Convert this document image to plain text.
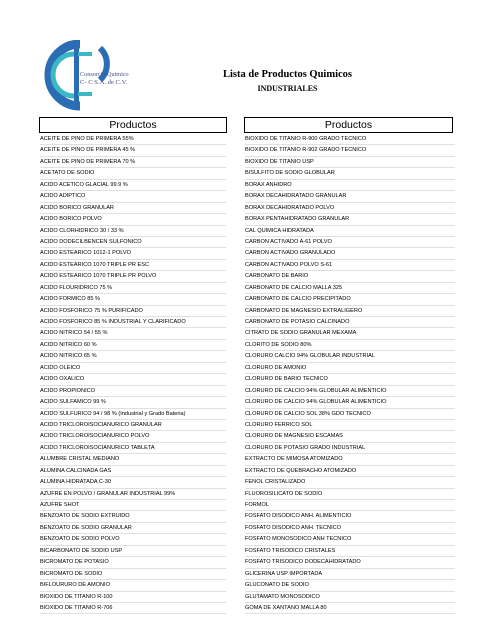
Consorcio Quimico
C- C S.A. de C.V.
Lista de Productos Quimicos
INDUSTRIALES
Productos	Productos
ACEITE DE PINO DE PRIMERA 55%
ACEITE DE PINO DE PRIMERA 45 %
ACEITE DE PINO DE PRIMERA 70 %
ACETATO DE SODIO
ACIDO ACETICO GLACIAL 99.9 %
ACIDO ADIPTICO
ACIDO BORICO GRANULAR
ACIDO BORICO POLVO
ACIDO CLORHIDRICO 30 / 33 %
ACIDO DODECILBENCEN SULFONICO
ACIDO ESTEARICO 1012-1 POLVO
ACIDO ESTEARICO 1070 TRIPLE PR ESC
ACIDO ESTEARICO 1070 TRIPLE PR POLVO
ACIDO FLOURIDRICO 75 %
ACIDO FORMICO 85 %
ACIDO FOSFORICO 75 % PURIFICADO
ACIDO FOSFORICO 85 % INDUSTRIAL Y CLARIFICADO
ACIDO NITRICO 54 / 55 %
ACIDO NITRICO 60 %
ACIDO NITRICO 65 %
ACIDO OLEICO
ACIDO OXALICO
ACIDO PROPIONICO
ACIDO SULFAMICO 99 %
ACIDO SULFURICO 94 / 98 % (Industrial y Grado Bateria)
ACIDO TRICLOROISOCIANURICO GRANULAR
ACIDO TRICLOROISOCIANURICO POLVO
ACIDO TRICLOROISOCIANURICO TABLETA
ALUMBRE CRISTAL MEDIANO
ALUMINA CALCINADA GAS
ALUMINA HIDRATADA C-30
AZUFRE EN POLVO / GRANULAR INDUSTRIAL 99%
AZUFRE SHOT
BENZOATO DE SODIO EXTRUIDO
BENZOATO DE SODIO GRANULAR
BENZOATO DE SODIO POLVO
BICARBONATO DE SODIO USP
BICROMATO DE POTASIO
BICROMATO DE SODIO
BIFLOURURO DE AMONIO
BIOXIDO DE TITANIO R-100
BIOXIDO DE TITANIO R-706
BIOXIDO DE TITANIO R-900 GRADO TECNICO
BIOXIDO DE TITANIO R-902 GRADO TECNICO
BIOXIDO DE TITANIO USP
BISULFITO DE SODIO GLOBULAR
BORAX ANHIDRO
BORAX DECAHIDRATADO GRANULAR
BORAX DECAHIDRATADO POLVO
BORAX PENTAHIDRATADO GRANULAR
CAL QUIMICA HIDRATADA
CARBON ACTIVADO A-61 POLVO
CARBON ACTIVADO GRANULADO
CARBON ACTIVADO POLVO S-61
CARBONATO DE BARIO
CARBONATO DE CALCIO MALLA 325
CARBONATO DE CALCIO PRECIPITADO
CARBONATO DE MAGNESIO EXTRALIGERO
CARBONATO DE POTASIO CALCINADO
CITRATO DE SODIO GRANULAR MEXAMA
CLORITO DE SODIO 80%
CLORURO CALCIO 94% GLOBULAR INDUSTRIAL
CLORURO DE AMONIO
CLORURO DE BARIO TECNICO
CLORURO DE CALCIO 94% GLOBULAR ALIMENTICIO
CLORURO DE CALCIO 94% GLOBULAR ALIMENTICIO
CLORURO DE CALCIO SOL 38% GDO TECNICO
CLORURO FERRICO SOL
CLORURO DE MAGNESIO ESCAMAS
CLORURO DE POTASIO GRADO INDUSTRIAL
EXTRACTO DE MIMOSA ATOMIZADO
EXTRACTO DE QUEBRACHO ATOMIZADO
FENOL CRISTALIZADO
FLUOROSILICATO DE SODIO
FORMOL
FOSFATO DISODICO ANH. ALIMENTICIO
FOSFATO DISODICO ANH. TECNICO
FOSFATO MONOSODICO ANH TECNICO
FOSFATO TRISODICO CRISTALES
FOSFATO TRISODICO DODECAHIDRATADO
GLICERINA USP IMPORTADA
GLUCONATO DE SODIO
GLUTAMATO MONOSODICO
GOMA DE XANTANO MALLA 80
